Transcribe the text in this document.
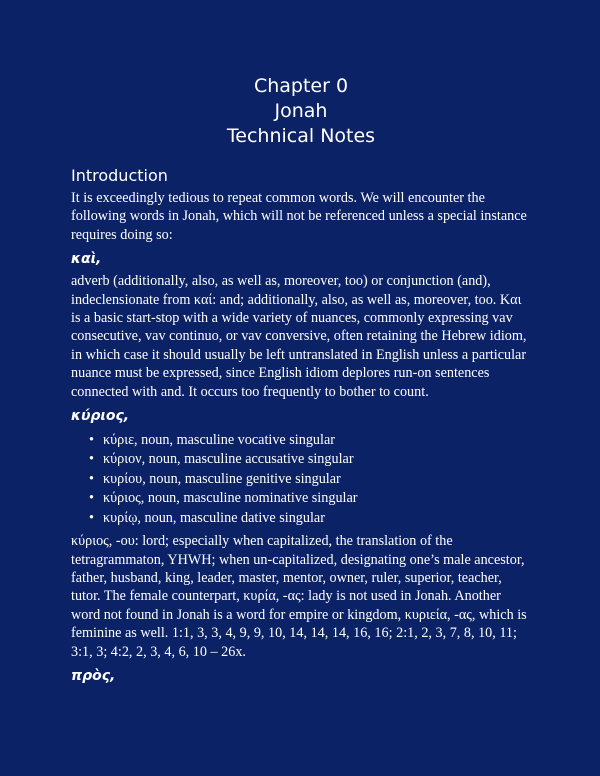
Chapter 0
Jonah
Technical Notes
Introduction

It is exceedingly tedious to repeat common words. We will encounter the following words in Jonah, which will not be referenced unless a special instance requires doing so:

καὶ,

adverb (additionally, also, as well as, moreover, too) or conjunction (and), indeclensionate from καί: and; additionally, also, as well as, moreover, too. Kαι is a basic start-stop with a wide variety of nuances, commonly expressing vav consecutive, vav continuo, or vav conversive, often retaining the Hebrew idiom, in which case it should usually be left untranslated in English unless a particular nuance must be expressed, since English idiom deplores run-on sentences connected with and. It occurs too frequently to bother to count.

κύριος,
• κύριε, noun, masculine vocative singular
• κύριον, noun, masculine accusative singular
• κυρίου, noun, masculine genitive singular
• κύριος, noun, masculine nominative singular
• κυρίῳ, noun, masculine dative singular

κύριος, -ου: lord; especially when capitalized, the translation of the tetragrammaton, YHWH; when un-capitalized, designating one’s male ancestor, father, husband, king, leader, master, mentor, owner, ruler, superior, teacher, tutor. The female counterpart, κυρία, -ας: lady is not used in Jonah. Another word not found in Jonah is a word for empire or kingdom, κυριεία, -ας, which is feminine as well. 1:1, 3, 3, 4, 9, 9, 10, 14, 14, 14, 16, 16; 2:1, 2, 3, 7, 8, 10, 11; 3:1, 3; 4:2, 2, 3, 4, 6, 10 – 26x.

πρὸς,
